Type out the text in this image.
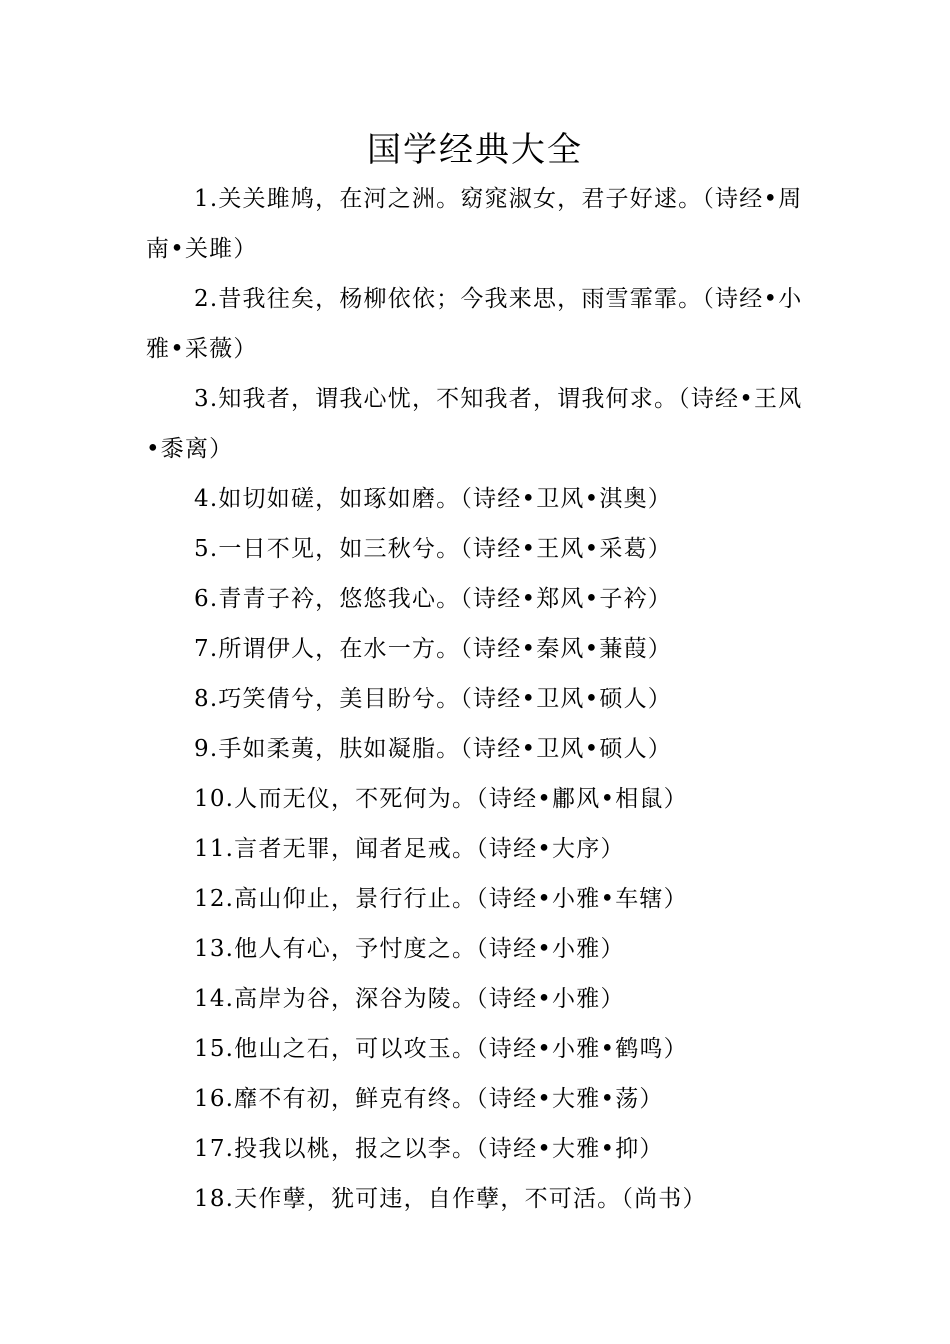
国学经典大全

1.关关雎鸠，在河之洲。窈窕淑女，君子好逑。（诗经•周南•关雎）

2.昔我往矣，杨柳依依；今我来思，雨雪霏霏。（诗经•小雅•采薇）

3.知我者，谓我心忧，不知我者，谓我何求。（诗经•王风•黍离）

4.如切如磋，如琢如磨。（诗经•卫风•淇奥）

5.一日不见，如三秋兮。（诗经•王风•采葛）

6.青青子衿，悠悠我心。（诗经•郑风•子衿）

7.所谓伊人，在水一方。（诗经•秦风•蒹葭）

8.巧笑倩兮，美目盼兮。（诗经•卫风•硕人）

9.手如柔荑，肤如凝脂。（诗经•卫风•硕人）

10.人而无仪，不死何为。（诗经•鄘风•相鼠）

11.言者无罪，闻者足戒。（诗经•大序）

12.高山仰止，景行行止。（诗经•小雅•车辖）

13.他人有心，予忖度之。（诗经•小雅）

14.高岸为谷，深谷为陵。（诗经•小雅）

15.他山之石，可以攻玉。（诗经•小雅•鹤鸣）

16.靡不有初，鲜克有终。（诗经•大雅•荡）

17.投我以桃，报之以李。（诗经•大雅•抑）

18.天作孽，犹可违，自作孽，不可活。（尚书）
